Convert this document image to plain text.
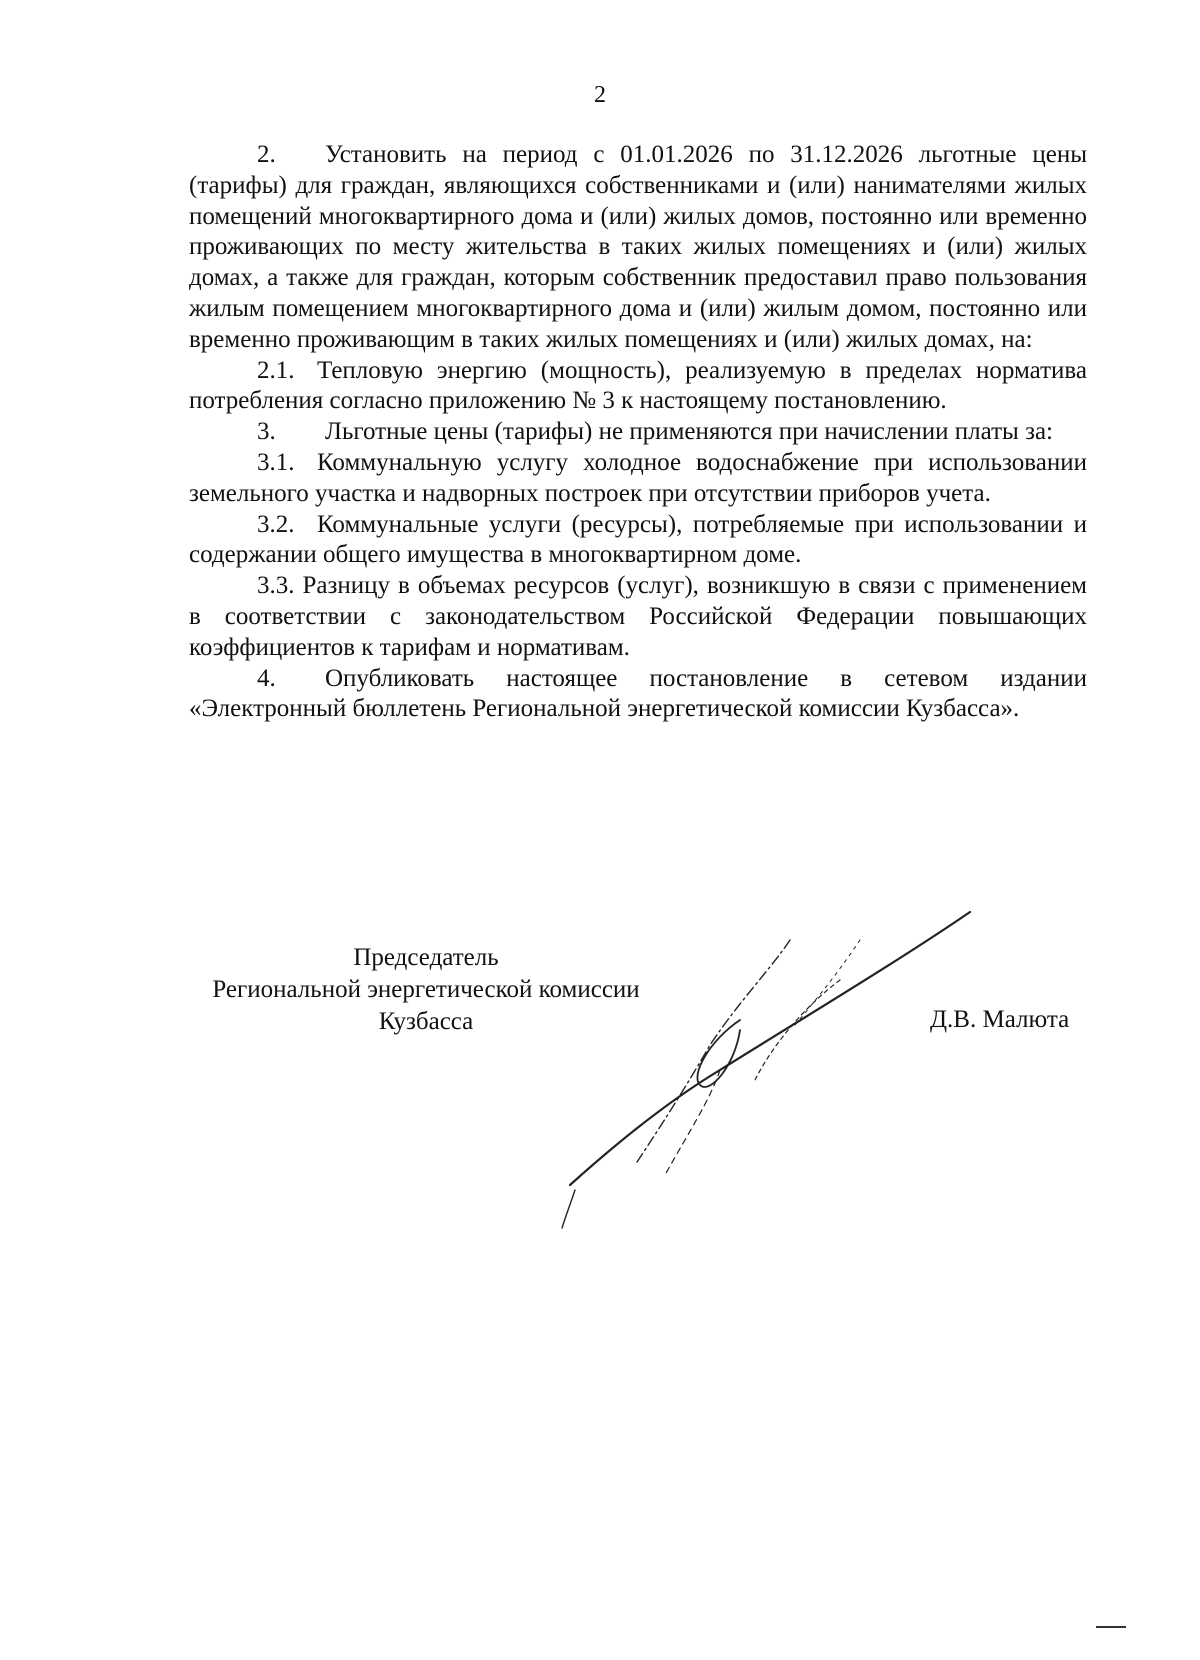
2

2. Установить на период с 01.01.2026 по 31.12.2026 льготные цены (тарифы) для граждан, являющихся собственниками и (или) нанимателями жилых помещений многоквартирного дома и (или) жилых домов, постоянно или временно проживающих по месту жительства в таких жилых помещениях и (или) жилых домах, а также для граждан, которым собственник предоставил право пользования жилым помещением многоквартирного дома и (или) жилым домом, постоянно или временно проживающим в таких жилых помещениях и (или) жилых домах, на:

2.1. Тепловую энергию (мощность), реализуемую в пределах норматива потребления согласно приложению № 3 к настоящему постановлению.

3. Льготные цены (тарифы) не применяются при начислении платы за:

3.1. Коммунальную услугу холодное водоснабжение при использовании земельного участка и надворных построек при отсутствии приборов учета.

3.2. Коммунальные услуги (ресурсы), потребляемые при использовании и содержании общего имущества в многоквартирном доме.

3.3. Разницу в объемах ресурсов (услуг), возникшую в связи с применением в соответствии с законодательством Российской Федерации повышающих коэффициентов к тарифам и нормативам.

4. Опубликовать настоящее постановление в сетевом издании «Электронный бюллетень Региональной энергетической комиссии Кузбасса».

Председатель
Региональной энергетической комиссии
Кузбасса	Д.В. Малюта
